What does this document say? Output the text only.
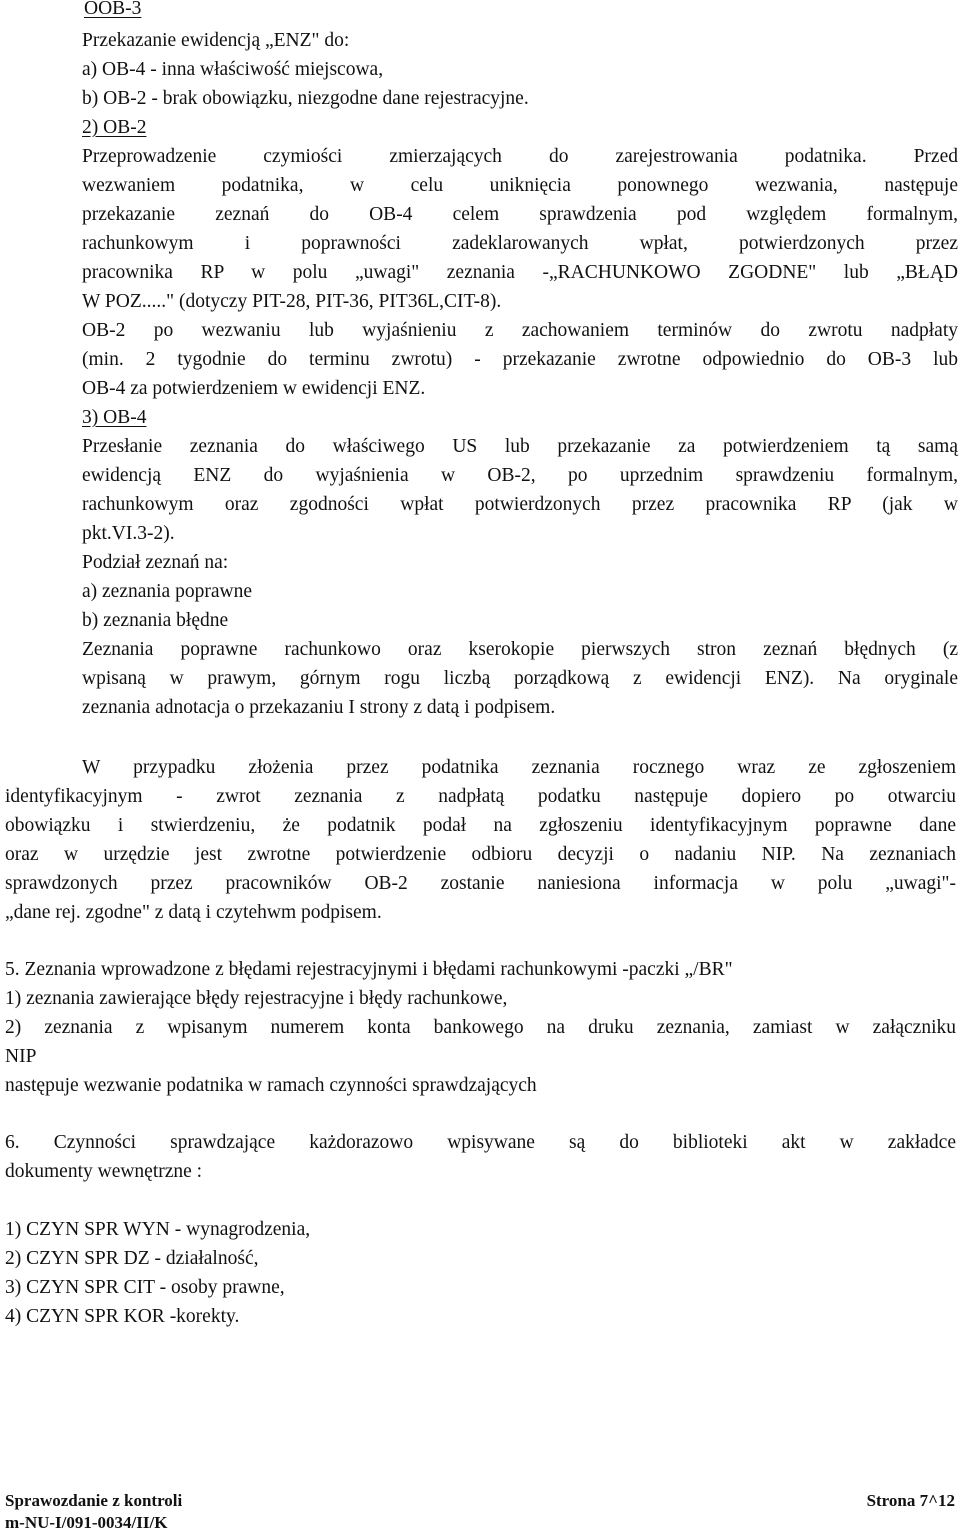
OOB-3
Przekazanie ewidencją „ENZ" do:
a) OB-4 - inna właściwość miejscowa,
b) OB-2 - brak obowiązku, niezgodne dane rejestracyjne.
2) OB-2
Przeprowadzenie czymiości zmierzających do zarejestrowania podatnika. Przed
wezwaniem podatnika, w celu uniknięcia ponownego wezwania, następuje
przekazanie zeznań do OB-4 celem sprawdzenia pod względem formalnym,
rachunkowym i poprawności zadeklarowanych wpłat, potwierdzonych przez
pracownika RP w polu „uwagi" zeznania -„RACHUNKOWO ZGODNE" lub „BŁĄD
W POZ....." (dotyczy PIT-28, PIT-36, PIT36L,CIT-8).
OB-2 po wezwaniu lub wyjaśnieniu z zachowaniem terminów do zwrotu nadpłaty
(min. 2 tygodnie do terminu zwrotu) - przekazanie zwrotne odpowiednio do OB-3 lub
OB-4 za potwierdzeniem w ewidencji ENZ.
3) OB-4
Przesłanie zeznania do właściwego US lub przekazanie za potwierdzeniem tą samą
ewidencją ENZ do wyjaśnienia w OB-2, po uprzednim sprawdzeniu formalnym,
rachunkowym oraz zgodności wpłat potwierdzonych przez pracownika RP (jak w
pkt.VI.3-2).
Podział zeznań na:
a) zeznania poprawne
b) zeznania błędne
Zeznania poprawne rachunkowo oraz kserokopie pierwszych stron zeznań błędnych (z
wpisaną w prawym, górnym rogu liczbą porządkową z ewidencji ENZ). Na oryginale
zeznania adnotacja o przekazaniu I strony z datą i podpisem.
W przypadku złożenia przez podatnika zeznania rocznego wraz ze zgłoszeniem
identyfikacyjnym - zwrot zeznania z nadpłatą podatku następuje dopiero po otwarciu
obowiązku i stwierdzeniu, że podatnik podał na zgłoszeniu identyfikacyjnym poprawne dane
oraz w urzędzie jest zwrotne potwierdzenie odbioru decyzji o nadaniu NIP. Na zeznaniach
sprawdzonych przez pracowników OB-2 zostanie naniesiona informacja w polu „uwagi"-
„dane rej. zgodne" z datą i czytehwm podpisem.
5. Zeznania wprowadzone z błędami rejestracyjnymi i błędami rachunkowymi -paczki „/BR"
1) zeznania zawierające błędy rejestracyjne i błędy rachunkowe,
2) zeznania z wpisanym numerem konta bankowego na druku zeznania, zamiast w załączniku
NIP
następuje wezwanie podatnika w ramach czynności sprawdzających
6. Czynności sprawdzające każdorazowo wpisywane są do biblioteki akt w zakładce
dokumenty wewnętrzne :
1) CZYN SPR WYN - wynagrodzenia,
2) CZYN SPR DZ - działalność,
3) CZYN SPR CIT - osoby prawne,
4) CZYN SPR KOR -korekty.
Sprawozdanie z kontroli
m-NU-I/091-0034/II/K
Strona 7^12
